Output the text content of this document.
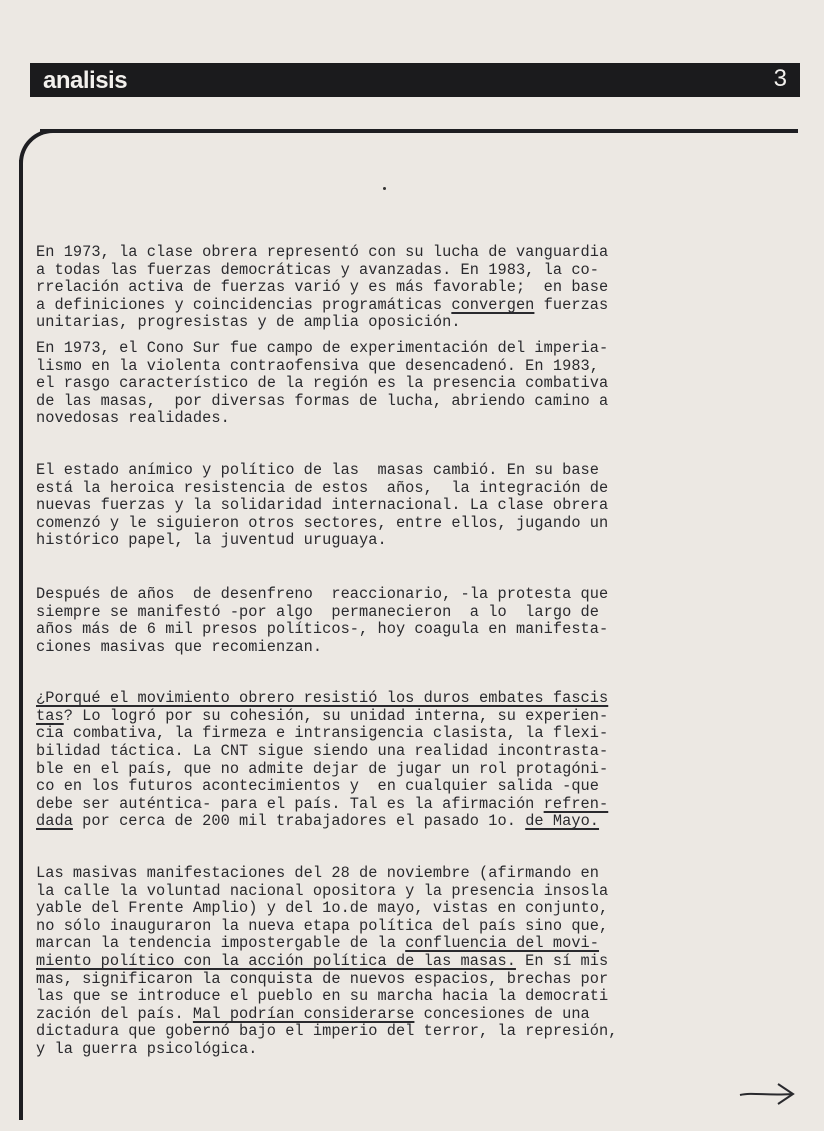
analisis	3
En 1973, la clase obrera representó con su lucha de vanguardia
a todas las fuerzas democráticas y avanzadas. En 1983, la co-
rrelación activa de fuerzas varió y es más favorable;  en base
a definiciones y coincidencias programáticas convergen fuerzas
unitarias, progresistas y de amplia oposición.
En 1973, el Cono Sur fue campo de experimentación del imperia-
lismo en la violenta contraofensiva que desencadenó. En 1983,
el rasgo característico de la región es la presencia combativa
de las masas,  por diversas formas de lucha, abriendo camino a
novedosas realidades.
El estado anímico y político de las  masas cambió. En su base
está la heroica resistencia de estos  años,  la integración de
nuevas fuerzas y la solidaridad internacional. La clase obrera
comenzó y le siguieron otros sectores, entre ellos, jugando un
histórico papel, la juventud uruguaya.
Después de años  de desenfreno  reaccionario, -la protesta que
siempre se manifestó -por algo  permanecieron  a lo  largo de
años más de 6 mil presos políticos-, hoy coagula en manifesta-
ciones masivas que recomienzan.
¿Porqué el movimiento obrero resistió los duros embates fascis
tas? Lo logró por su cohesión, su unidad interna, su experien-
cia combativa, la firmeza e intransigencia clasista, la flexi-
bilidad táctica. La CNT sigue siendo una realidad incontrasta-
ble en el país, que no admite dejar de jugar un rol protagóni-
co en los futuros acontecimientos y  en cualquier salida -que
debe ser auténtica- para el país. Tal es la afirmación refren-
dada por cerca de 200 mil trabajadores el pasado 1o. de Mayo.
Las masivas manifestaciones del 28 de noviembre (afirmando en
la calle la voluntad nacional opositora y la presencia insosla
yable del Frente Amplio) y del 1o.de mayo, vistas en conjunto,
no sólo inauguraron la nueva etapa política del país sino que,
marcan la tendencia impostergable de la confluencia del movi-
miento político con la acción política de las masas. En sí mis
mas, significaron la conquista de nuevos espacios, brechas por
las que se introduce el pueblo en su marcha hacia la democrati
zación del país. Mal podrían considerarse concesiones de una
dictadura que gobernó bajo el imperio del terror, la represión,
y la guerra psicológica.
